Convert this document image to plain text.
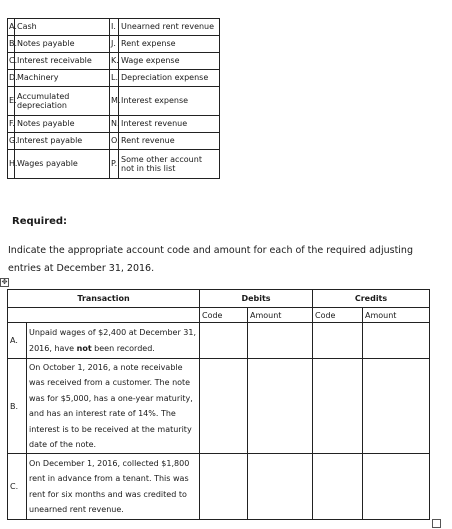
A.	Cash	I.	Unearned rent revenue
B.	Notes payable	J.	Rent expense
C.	Interest receivable	K.	Wage expense
D.	Machinery	L.	Depreciation expense
E.	Accumulated depreciation	M.	Interest expense
F.	Notes payable	N.	Interest revenue
G.	Interest payable	O.	Rent revenue
H.	Wages payable	P.	Some other account not in this list
Required:
Indicate the appropriate account code and amount for each of the required adjusting entries at December 31, 2016.
✥
Transaction		Debits		Credits	
		Code	Amount	Code	Amount
A.	Unpaid wages of $2,400 at December 31, 2016, have not been recorded.				
B.	On October 1, 2016, a note receivable was received from a customer. The note was for $5,000, has a one-year maturity, and has an interest rate of 14%. The interest is to be received at the maturity date of the note.				
C.	On December 1, 2016, collected $1,800 rent in advance from a tenant. This was rent for six months and was credited to unearned rent revenue.				
